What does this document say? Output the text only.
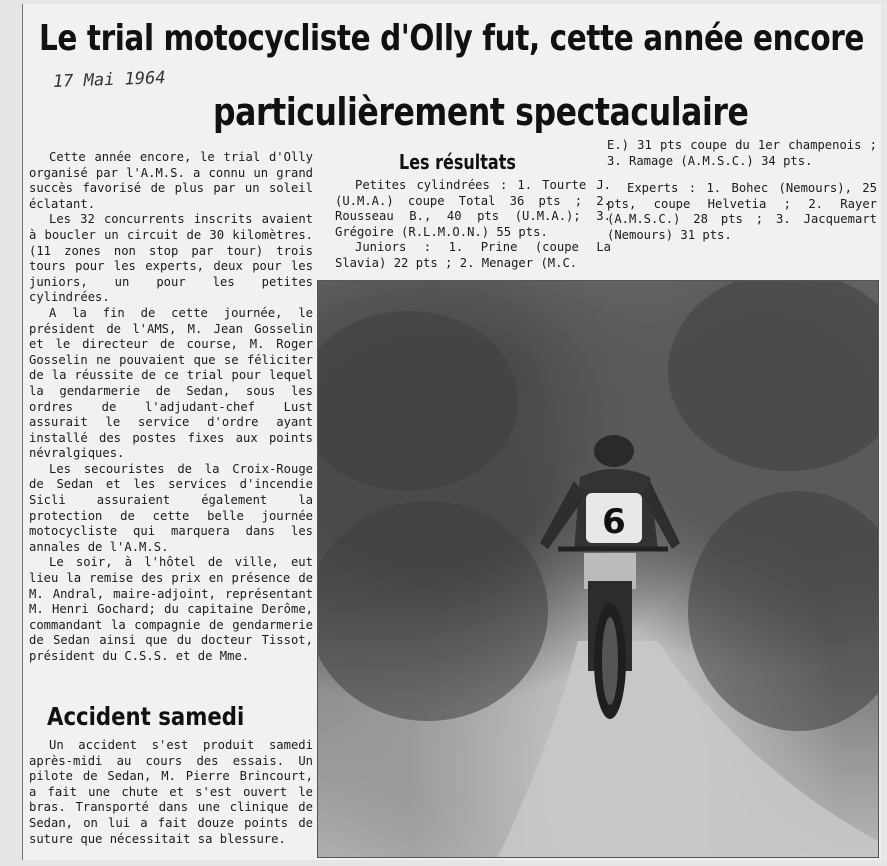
Le trial motocycliste d'Olly fut, cette année encore
17 Mai 1964
particulièrement spectaculaire

Cette année encore, le trial d'Olly organisé par l'A.M.S. a connu un grand succès favorisé de plus par un soleil éclatant.

Les 32 concurrents inscrits avaient à boucler un circuit de 30 kilomètres. (11 zones non stop par tour) trois tours pour les experts, deux pour les juniors, un pour les petites cylindrées.

A la fin de cette journée, le président de l'AMS, M. Jean Gosselin et le directeur de course, M. Roger Gosselin ne pouvaient que se féliciter de la réussite de ce trial pour lequel la gendarmerie de Sedan, sous les ordres de l'adjudant-chef Lust assurait le service d'ordre ayant installé des postes fixes aux points névralgiques.

Les secouristes de la Croix-Rouge de Sedan et les services d'incendie Sicli assuraient également la protection de cette belle journée motocycliste qui marquera dans les annales de l'A.M.S.

Le soir, à l'hôtel de ville, eut lieu la remise des prix en présence de M. Andral, maire-adjoint, représentant M. Henri Gochard; du capitaine Derôme, commandant la compagnie de gendarmerie de Sedan ainsi que du docteur Tissot, président du C.S.S. et de Mme.

Les résultats

Petites cylindrées : 1. Tourte J. (U.M.A.) coupe Total 36 pts ; 2. Rousseau B., 40 pts (U.M.A.); 3. Grégoire (R.L.M.O.N.) 55 pts.

Juniors : 1. Prine (coupe La Slavia) 22 pts ; 2. Menager (M.C.

E.) 31 pts coupe du 1er champenois ; 3. Ramage (A.M.S.C.) 34 pts.

Experts : 1. Bohec (Nemours), 25 pts, coupe Helvetia ; 2. Rayer (A.M.S.C.) 28 pts ; 3. Jacquemart (Nemours) 31 pts.

Accident samedi

Un accident s'est produit samedi après-midi au cours des essais. Un pilote de Sedan, M. Pierre Brincourt, a fait une chute et s'est ouvert le bras. Transporté dans une clinique de Sedan, on lui a fait douze points de suture que nécessitait sa blessure.

6
